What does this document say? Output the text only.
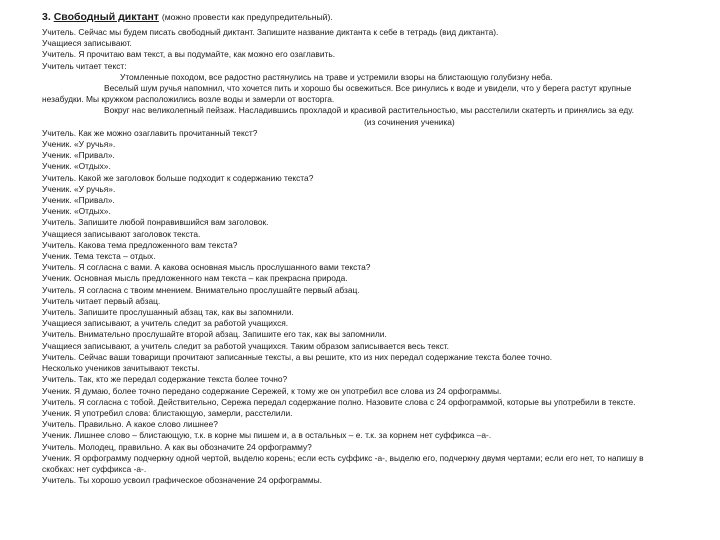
3. Свободный диктант (можно провести как предупредительный).
Учитель. Сейчас мы будем писать свободный диктант. Запишите название диктанта к себе в тетрадь (вид диктанта).
Учащиеся записывают.
Учитель. Я прочитаю вам текст, а вы подумайте, как можно его озаглавить.
Учитель читает текст:
Утомленные походом, все радостно растянулись на траве и устремили взоры на блистающую голубизну неба.
Веселый шум ручья напомнил, что хочется пить и хорошо бы освежиться. Все ринулись к воде и увидели, что у берега растут крупные незабудки. Мы кружком расположились возле воды и замерли от восторга.
Вокруг нас великолепный пейзаж. Насладившись прохладой и красивой растительностью, мы расстелили скатерть и принялись за еду.
(из сочинения ученика)
Учитель. Как же можно озаглавить прочитанный текст?
Ученик. «У ручья».
Ученик. «Привал».
Ученик. «Отдых».
Учитель. Какой же заголовок больше подходит к содержанию текста?
Ученик. «У ручья».
Ученик. «Привал».
Ученик. «Отдых».
Учитель. Запишите любой понравившийся вам заголовок.
Учащиеся записывают заголовок текста.
Учитель. Какова тема предложенного вам текста?
Ученик. Тема текста – отдых.
Учитель. Я согласна с вами. А какова основная мысль прослушанного вами текста?
Ученик. Основная мысль предложенного нам текста – как прекрасна природа.
Учитель. Я согласна с твоим мнением. Внимательно прослушайте первый абзац.
Учитель читает первый абзац.
Учитель. Запишите прослушанный абзац так, как вы запомнили.
Учащиеся записывают, а учитель следит за работой учащихся.
Учитель. Внимательно прослушайте второй абзац. Запишите его так, как вы запомнили.
Учащиеся записывают, а учитель следит за работой учащихся. Таким образом записывается весь текст.
Учитель. Сейчас ваши товарищи прочитают записанные тексты, а вы решите, кто из них передал содержание текста более точно.
Несколько учеников зачитывают тексты.
Учитель. Так, кто же передал содержание текста более точно?
Ученик. Я думаю, более точно передано содержание Сережей, к тому же он употребил все слова из 24 орфограммы.
Учитель. Я согласна с тобой. Действительно, Сережа передал содержание полно. Назовите слова с 24 орфограммой, которые вы употребили в тексте.
Ученик. Я употребил слова: блистающую, замерли, расстелили.
Учитель. Правильно. А какое слово лишнее?
Ученик. Лишнее слово – блистающую, т.к. в корне мы пишем и, а в остальных – е. т.к. за корнем нет суффикса –а-.
Учитель. Молодец, правильно. А как вы обозначите 24 орфограмму?
Ученик. Я орфограмму подчеркну одной чертой, выделю корень; если есть суффикс -а-, выделю его, подчеркну двумя чертами; если его нет, то напишу в скобках: нет суффикса -а-.
Учитель. Ты хорошо усвоил графическое обозначение 24 орфограммы.
